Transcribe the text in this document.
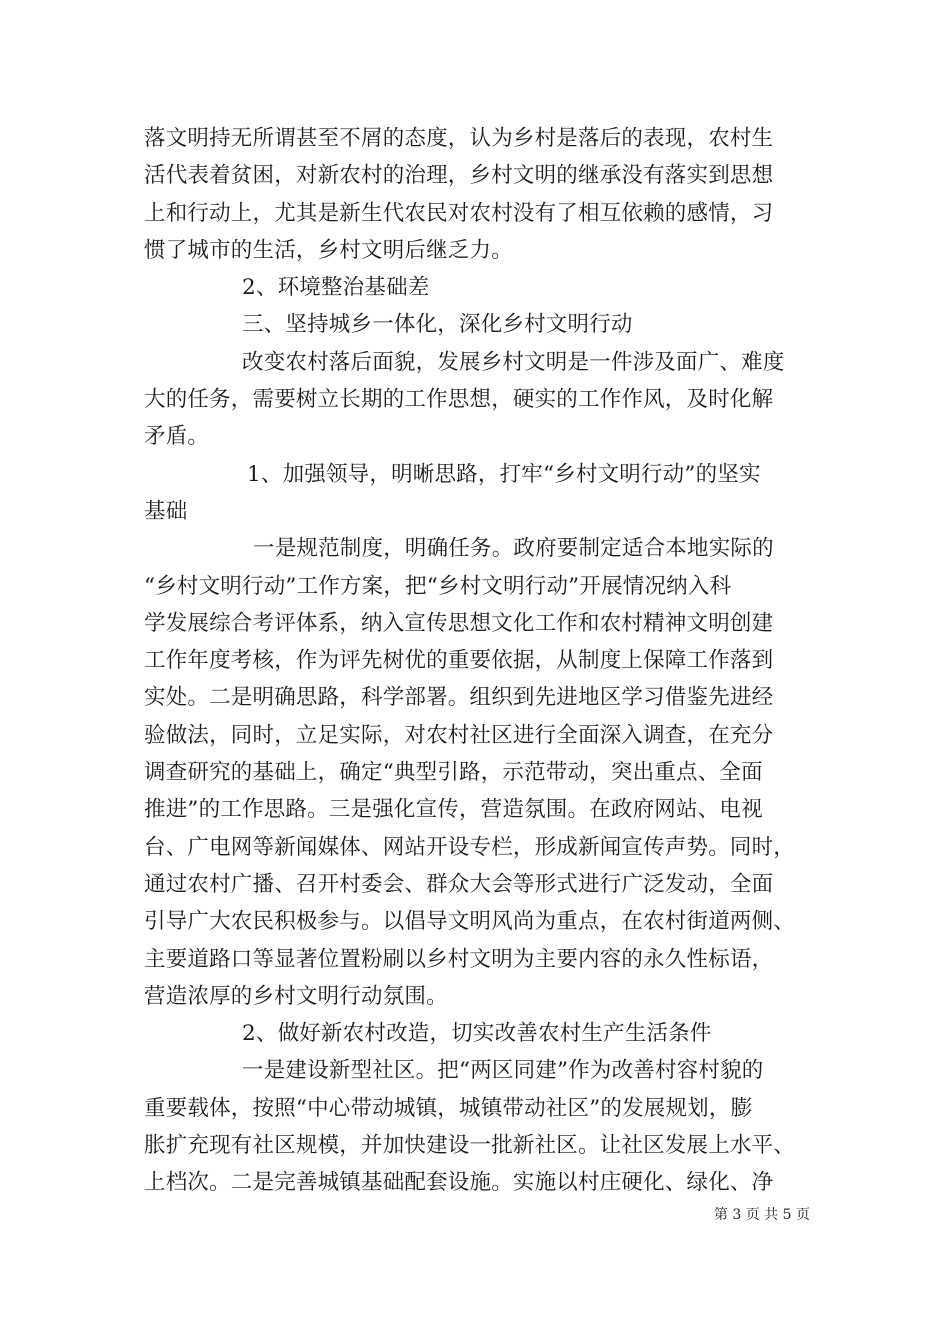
落文明持无所谓甚至不屑的态度，认为乡村是落后的表现，农村生
活代表着贫困，对新农村的治理，乡村文明的继承没有落实到思想
上和行动上，尤其是新生代农民对农村没有了相互依赖的感情，习
惯了城市的生活，乡村文明后继乏力。
2、环境整治基础差
三、坚持城乡一体化，深化乡村文明行动
改变农村落后面貌，发展乡村文明是一件涉及面广、难度
大的任务，需要树立长期的工作思想，硬实的工作作风，及时化解
矛盾。
1、加强领导，明晰思路，打牢“乡村文明行动”的坚实
基础
一是规范制度，明确任务。政府要制定适合本地实际的
“乡村文明行动”工作方案，把“乡村文明行动”开展情况纳入科
学发展综合考评体系，纳入宣传思想文化工作和农村精神文明创建
工作年度考核，作为评先树优的重要依据，从制度上保障工作落到
实处。二是明确思路，科学部署。组织到先进地区学习借鉴先进经
验做法，同时，立足实际，对农村社区进行全面深入调查，在充分
调查研究的基础上，确定“典型引路，示范带动，突出重点、全面
推进”的工作思路。三是强化宣传，营造氛围。在政府网站、电视
台、广电网等新闻媒体、网站开设专栏，形成新闻宣传声势。同时，
通过农村广播、召开村委会、群众大会等形式进行广泛发动，全面
引导广大农民积极参与。以倡导文明风尚为重点，在农村街道两侧、
主要道路口等显著位置粉刷以乡村文明为主要内容的永久性标语，
营造浓厚的乡村文明行动氛围。
2、做好新农村改造，切实改善农村生产生活条件
一是建设新型社区。把“两区同建”作为改善村容村貌的
重要载体，按照“中心带动城镇，城镇带动社区”的发展规划，膨
胀扩充现有社区规模，并加快建设一批新社区。让社区发展上水平、
上档次。二是完善城镇基础配套设施。实施以村庄硬化、绿化、净
第 3 页 共 5 页
